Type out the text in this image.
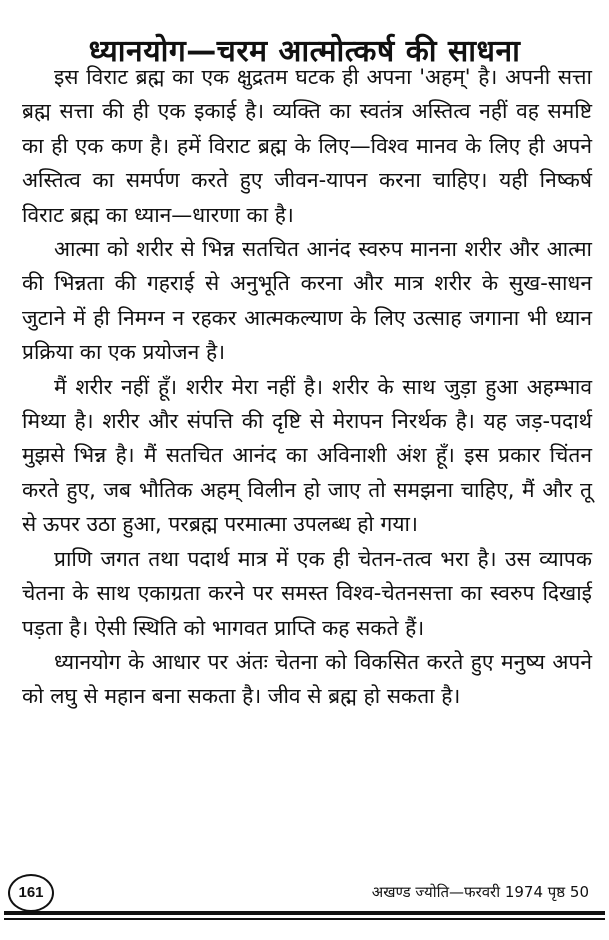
ध्यानयोग—चरम आत्मोत्कर्ष की साधना

इस विराट ब्रह्म का एक क्षुद्रतम घटक ही अपना 'अहम्' है। अपनी सत्ता ब्रह्म सत्ता की ही एक इकाई है। व्यक्ति का स्वतंत्र अस्तित्व नहीं वह समष्टि का ही एक कण है। हमें विराट ब्रह्म के लिए—विश्व मानव के लिए ही अपने अस्तित्व का समर्पण करते हुए जीवन-यापन करना चाहिए। यही निष्कर्ष विराट ब्रह्म का ध्यान—धारणा का है।

आत्मा को शरीर से भिन्न सतचित आनंद स्वरुप मानना शरीर और आत्मा की भिन्नता की गहराई से अनुभूति करना और मात्र शरीर के सुख-साधन जुटाने में ही निमग्न न रहकर आत्मकल्याण के लिए उत्साह जगाना भी ध्यान प्रक्रिया का एक प्रयोजन है।

मैं शरीर नहीं हूँ। शरीर मेरा नहीं है। शरीर के साथ जुड़ा हुआ अहम्भाव मिथ्या है। शरीर और संपत्ति की दृष्टि से मेरापन निरर्थक है। यह जड़-पदार्थ मुझसे भिन्न है। मैं सतचित आनंद का अविनाशी अंश हूँ। इस प्रकार चिंतन करते हुए, जब भौतिक अहम् विलीन हो जाए तो समझना चाहिए, मैं और तू से ऊपर उठा हुआ, परब्रह्म परमात्मा उपलब्ध हो गया।

प्राणि जगत तथा पदार्थ मात्र में एक ही चेतन-तत्व भरा है। उस व्यापक चेतना के साथ एकाग्रता करने पर समस्त विश्व-चेतनसत्ता का स्वरुप दिखाई पड़ता है। ऐसी स्थिति को भागवत प्राप्ति कह सकते हैं।

ध्यानयोग के आधार पर अंतः चेतना को विकसित करते हुए मनुष्य अपने को लघु से महान बना सकता है। जीव से ब्रह्म हो सकता है।

161	अखण्ड ज्योति—फरवरी 1974 पृष्ठ 50
